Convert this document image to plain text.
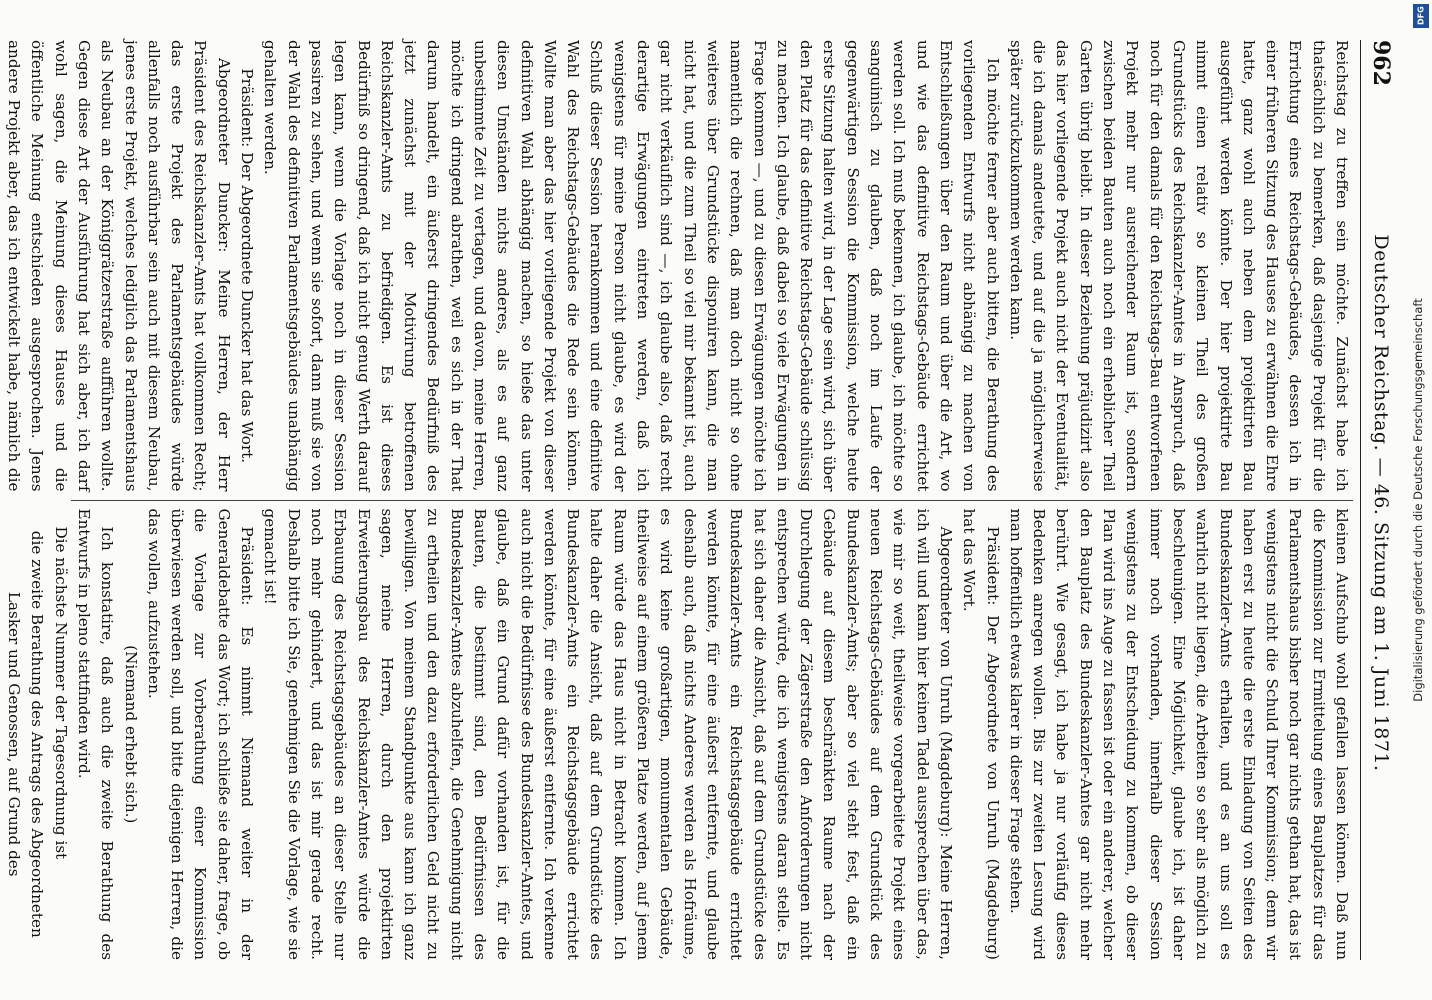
962
Deutscher Reichstag. — 46. Sitzung am 1. Juni 1871.

Reichstag zu treffen sein möchte. Zunächst habe ich thatsächlich zu bemerken, daß dasjenige Projekt für die Errichtung eines Reichstags-Gebäudes, dessen ich in einer früheren Sitzung des Hauses zu erwähnen die Ehre hatte, ganz wohl auch neben dem projektirten Bau ausgeführt werden könnte. Der hier projektirte Bau nimmt einen relativ so kleinen Theil des großen Grundstücks des Reichskanzler-Amtes in Anspruch, daß noch für den damals für den Reichstags-Bau entworfenen Projekt mehr nur ausreichender Raum ist, sondern zwischen beiden Bauten auch noch ein erheblicher Theil Garten übrig bleibt. In dieser Beziehung präjudizirt also das hier vorliegende Projekt auch nicht der Eventualität, die ich damals andeutete, und auf die ja möglicherweise später zurückzukommen werden kann.

Ich möchte ferner aber auch bitten, die Berathung des vorliegenden Entwurfs nicht abhängig zu machen von Entschließungen über den Raum und über die Art, wo und wie das definitive Reichstags-Gebäude errichtet werden soll. Ich muß bekennen, ich glaube, ich möchte so sanguinisch zu glauben, daß noch im Laufe der gegenwärtigen Session die Kommission, welche heute erste Sitzung halten wird, in der Lage sein wird, sich über den Platz für das definitive Reichstags-Gebäude schlüssig zu machen. Ich glaube, daß dabei so viele Erwägungen in Frage kommen —, und zu diesen Erwägungen möchte ich namentlich die rechnen, daß man doch nicht so ohne weiteres über Grundstücke disponiren kann, die man nicht hat, und die zum Theil so viel mir bekannt ist, auch gar nicht verkäuflich sind —, ich glaube also, daß recht derartige Erwägungen eintreten werden, daß ich wenigstens für meine Person nicht glaube, es wird der Schluß dieser Session herankommen und eine definitive Wahl des Reichstags-Gebäudes die Rede sein können. Wollte man aber das hier vorliegende Projekt von dieser definitiven Wahl abhängig machen, so hieße das unter diesen Umständen nichts anderes, als es auf ganz unbestimmte Zeit zu vertagen, und davon, meine Herren, möchte ich dringend abrathen, weil es sich in der That darum handelt, ein äußerst dringendes Bedürfniß des jetzt zunächst mit der Motivirung betroffenen Reichskanzler-Amts zu befriedigen. Es ist dieses Bedürfniß so dringend, daß ich nicht genug Werth darauf legen kann, wenn die Vorlage noch in dieser Session passiren zu sehen, und wenn sie sofort, dann muß sie von der Wahl des definitiven Parlamentsgebäudes unabhängig gehalten werden.

Präsident: Der Abgeordnete Duncker hat das Wort.

Abgeordneter Duncker: Meine Herren, der Herr Präsident des Reichskanzler-Amts hat vollkommen Recht; das erste Projekt des Parlamentsgebäudes würde allenfalls noch ausführbar sein auch mit diesem Neubau, jenes erste Projekt, welches lediglich das Parlamentshaus als Neubau an der Königgrätzerstraße aufführen wollte. Gegen diese Art der Ausführung hat sich aber, ich darf wohl sagen, die Meinung dieses Hauses und die öffentliche Meinung entschieden ausgesprochen. Jenes andere Projekt aber, das ich entwickelt habe, nämlich die

kleinen Aufschub wohl gefallen lassen können. Daß nun die Kommission zur Ermittelung eines Bauplatzes für das Parlamentshaus bisher noch gar nichts gethan hat, das ist wenigstens nicht die Schuld Ihrer Kommission; denn wir haben erst zu heute die erste Einladung von Seiten des Bundeskanzler-Amts erhalten, und es an uns soll es wahrlich nicht liegen, die Arbeiten so sehr als möglich zu beschleunigen. Eine Möglichkeit, glaube ich, ist daher immer noch vorhanden, innerhalb dieser Session wenigstens zu der Entscheidung zu kommen, ob dieser Plan wird ins Auge zu fassen ist oder ein anderer, welcher den Bauplatz des Bundeskanzler-Amtes gar nicht mehr berührt. Wie gesagt, ich habe ja nur vorläufig dieses Bedenken anregen wollen. Bis zur zweiten Lesung wird man hoffentlich etwas klarer in dieser Frage stehen.

Präsident: Der Abgeordnete von Unruh (Magdeburg) hat das Wort.

Abgeordneter von Unruh (Magdeburg): Meine Herren, ich will und kann hier keinen Tadel aussprechen über das, wie mir so weit, theilweise vorgearbeitete Projekt eines neuen Reichstags-Gebäudes auf dem Grundstück des Bundeskanzler-Amts; aber so viel steht fest, daß ein Gebäude auf diesem beschränkten Raume nach der Durchlegung der Zägerstraße den Anforderungen nicht entsprechen würde, die ich wenigstens daran stelle. Es hat sich daher die Ansicht, daß auf dem Grundstücke des Bundeskanzler-Amts ein Reichstagsgebäude errichtet werden könnte, für eine äußerst entfernte, und glaube deshalb auch, daß nichts Anderes werden als Hofräume, es wird keine großartigen, monumentalen Gebäude, theilweise auf einem größeren Platze werden, auf jenem Raum würde das Haus nicht in Betracht kommen. Ich halte daher die Ansicht, daß auf dem Grundstücke des Bundeskanzler-Amts ein Reichstagsgebäude errichtet werden könnte, für eine äußerst entfernte. Ich verkenne auch nicht die Bedürfnisse des Bundeskanzler-Amtes, und glaube, daß ein Grund dafür vorhanden ist, für die Bauten, die bestimmt sind, den Bedürfnissen des Bundeskanzler-Amtes abzuhelfen, die Genehmigung nicht zu ertheilen und den dazu erforderlichen Geld nicht zu bewilligen. Von meinem Standpunkte aus kann ich ganz sagen, meine Herren, durch den projektirten Erweiterungsbau des Reichskanzler-Amtes würde die Erbauung des Reichstagsgebäudes an dieser Stelle nur noch mehr gehindert, und das ist mir gerade recht. Deshalb bitte ich Sie, genehmigen Sie die Vorlage, wie sie gemacht ist!

Präsident: Es nimmt Niemand weiter in der Generaldebatte das Wort; ich schließe sie daher, frage, ob die Vorlage zur Vorberathung einer Kommission überwiesen werden soll, und bitte diejenigen Herren, die das wollen, aufzustehen.

(Niemand erhebt sich.)

Ich konstatire, daß auch die zweite Berathung des Entwurfs in pleno stattfinden wird.

Die nächste Nummer der Tagesordnung ist

die zweite Berathung des Antrags des Abgeordneten Lasker und Genossen, auf Grund des

DFG
Digitalisierung gefördert durch die Deutsche Forschungsgemeinschaft
